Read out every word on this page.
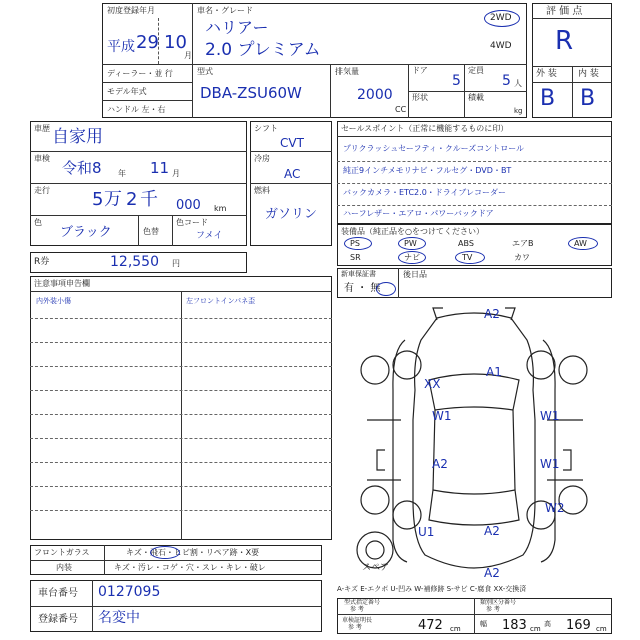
初度登録年月
平成 29 10
月
車名・グレード
ハリアー
2.0 プレミアム
2WD
4WD
ディーラー・並 行
モデル年式
ハンドル 左・右
型式
DBA-ZSU60W
排気量
2000
CC
ドア
5
定員
5 人
形状	積載
kg
評 価 点
R
外 装 内 装
B B
車歴 自家用
車検
令和8 年 11 月
走行 5 万 2 千 000 km
色
ブラック	色替
色コード
フメイ
シフト
CVT
冷房
AC
燃料
ガソリン
R券	12,550 円
セールスポイント（正常に機能するものに印）
プリクラッシュセーフティ・クルーズコントロール
純正9インチメモリナビ・フルセグ・DVD・BT
バックカメラ・ETC2.0・ドライブレコーダー
ハーフレザー・エアロ・パワーバックドア
装備品（純正品を○をつけてください）
PS	PW	ABS	エアB	AW
SR	ナビ	TV	カワ
新車保証書
有 ・ 無
後日品
注意事項申告欄
内外装小傷	左フロントインパネ歪
フロントガラス	キズ・飛石・ヒビ割・リペア跡・X要
内装	キズ・汚レ・コゲ・穴・スレ・キレ・破レ
車台番号 0127095
登録番号 名変中
A2
A1
XX
W1	W1
A2	W1
W2
U1	A2
A2
スペア
A-キズ E-エクボ U-凹み W-補修跡 S-サビ C-腐食 XX-交換済
型式指定番号
参 考
類別区分番号
参 考
車検証明長
参 考	472 cm
幅 183 cm
高 169 cm
